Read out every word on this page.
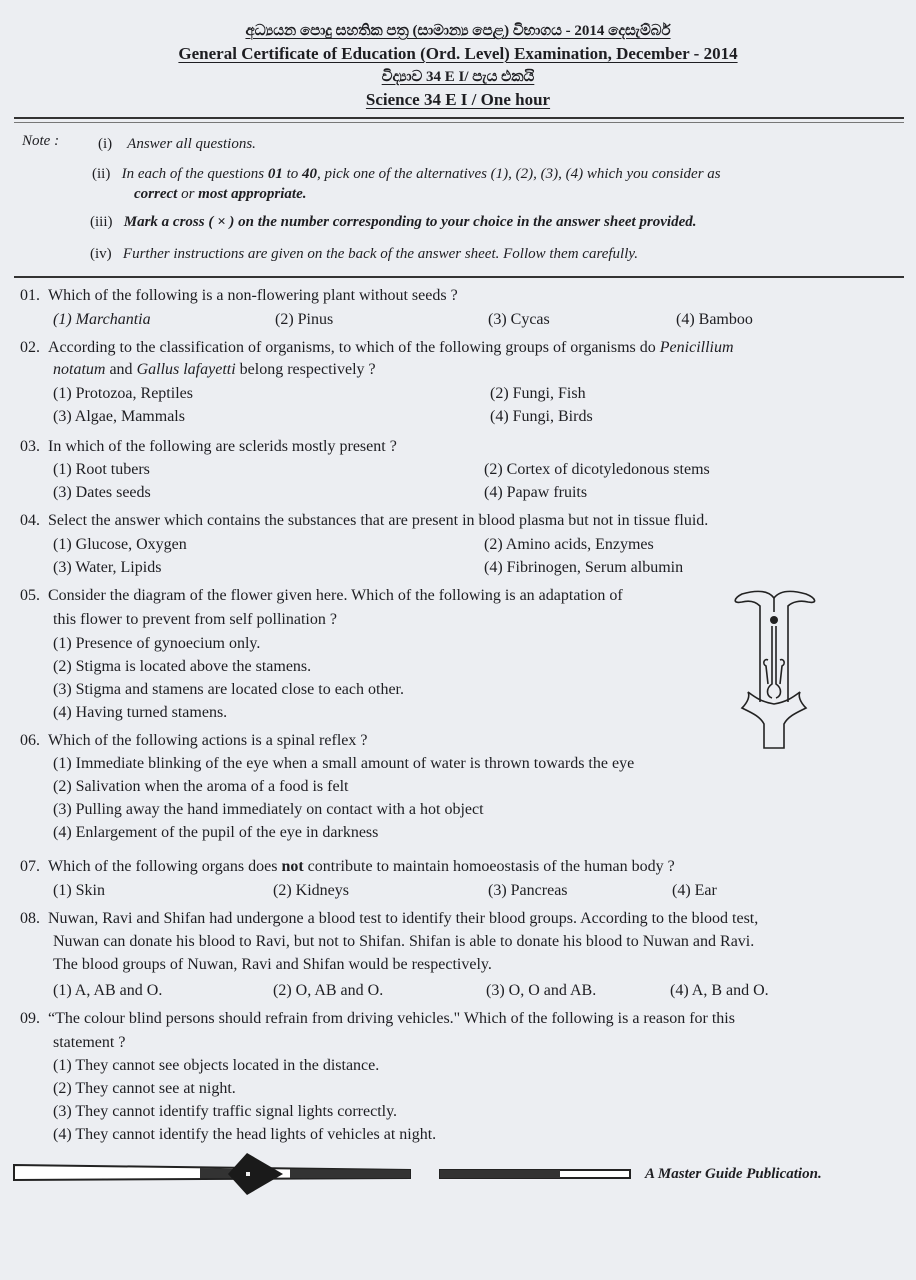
අධ්‍යයන පොදු සහතික පත්‍ර (සාමාන්‍ය පෙළ) විභාගය - 2014 දෙසැම්බර්
General Certificate of Education (Ord. Level) Examination, December - 2014
විද්‍යාව 34 E I/ පැය එකයි
Science 34 E I / One hour
Note :	(i) Answer all questions.
(ii) In each of the questions 01 to 40, pick one of the alternatives (1), (2), (3), (4) which you consider as
correct or most appropriate.
(iii) Mark a cross ( × ) on the number corresponding to your choice in the answer sheet provided.
(iv) Further instructions are given on the back of the answer sheet. Follow them carefully.
01. Which of the following is a non-flowering plant without seeds ?
(1) Marchantia	(2) Pinus	(3) Cycas	(4) Bamboo
02. According to the classification of organisms, to which of the following groups of organisms do Penicillium
notatum and Gallus lafayetti belong respectively ?
(1) Protozoa, Reptiles	(2) Fungi, Fish
(3) Algae, Mammals	(4) Fungi, Birds
03. In which of the following are sclerids mostly present ?
(1) Root tubers	(2) Cortex of dicotyledonous stems
(3) Dates seeds	(4) Papaw fruits
04. Select the answer which contains the substances that are present in blood plasma but not in tissue fluid.
(1) Glucose, Oxygen	(2) Amino acids, Enzymes
(3) Water, Lipids	(4) Fibrinogen, Serum albumin
05. Consider the diagram of the flower given here. Which of the following is an adaptation of
this flower to prevent from self pollination ?
(1) Presence of gynoecium only.
(2) Stigma is located above the stamens.
(3) Stigma and stamens are located close to each other.
(4) Having turned stamens.
06. Which of the following actions is a spinal reflex ?
(1) Immediate blinking of the eye when a small amount of water is thrown towards the eye
(2) Salivation when the aroma of a food is felt
(3) Pulling away the hand immediately on contact with a hot object
(4) Enlargement of the pupil of the eye in darkness
07. Which of the following organs does not contribute to maintain homoeostasis of the human body ?
(1) Skin	(2) Kidneys	(3) Pancreas	(4) Ear
08. Nuwan, Ravi and Shifan had undergone a blood test to identify their blood groups. According to the blood test,
Nuwan can donate his blood to Ravi, but not to Shifan. Shifan is able to donate his blood to Nuwan and Ravi.
The blood groups of Nuwan, Ravi and Shifan would be respectively.
(1) A, AB and O.	(2) O, AB and O.	(3) O, O and AB.	(4) A, B and O.
09. “The colour blind persons should refrain from driving vehicles." Which of the following is a reason for this
statement ?
(1) They cannot see objects located in the distance.
(2) They cannot see at night.
(3) They cannot identify traffic signal lights correctly.
(4) They cannot identify the head lights of vehicles at night.
A Master Guide Publication.
